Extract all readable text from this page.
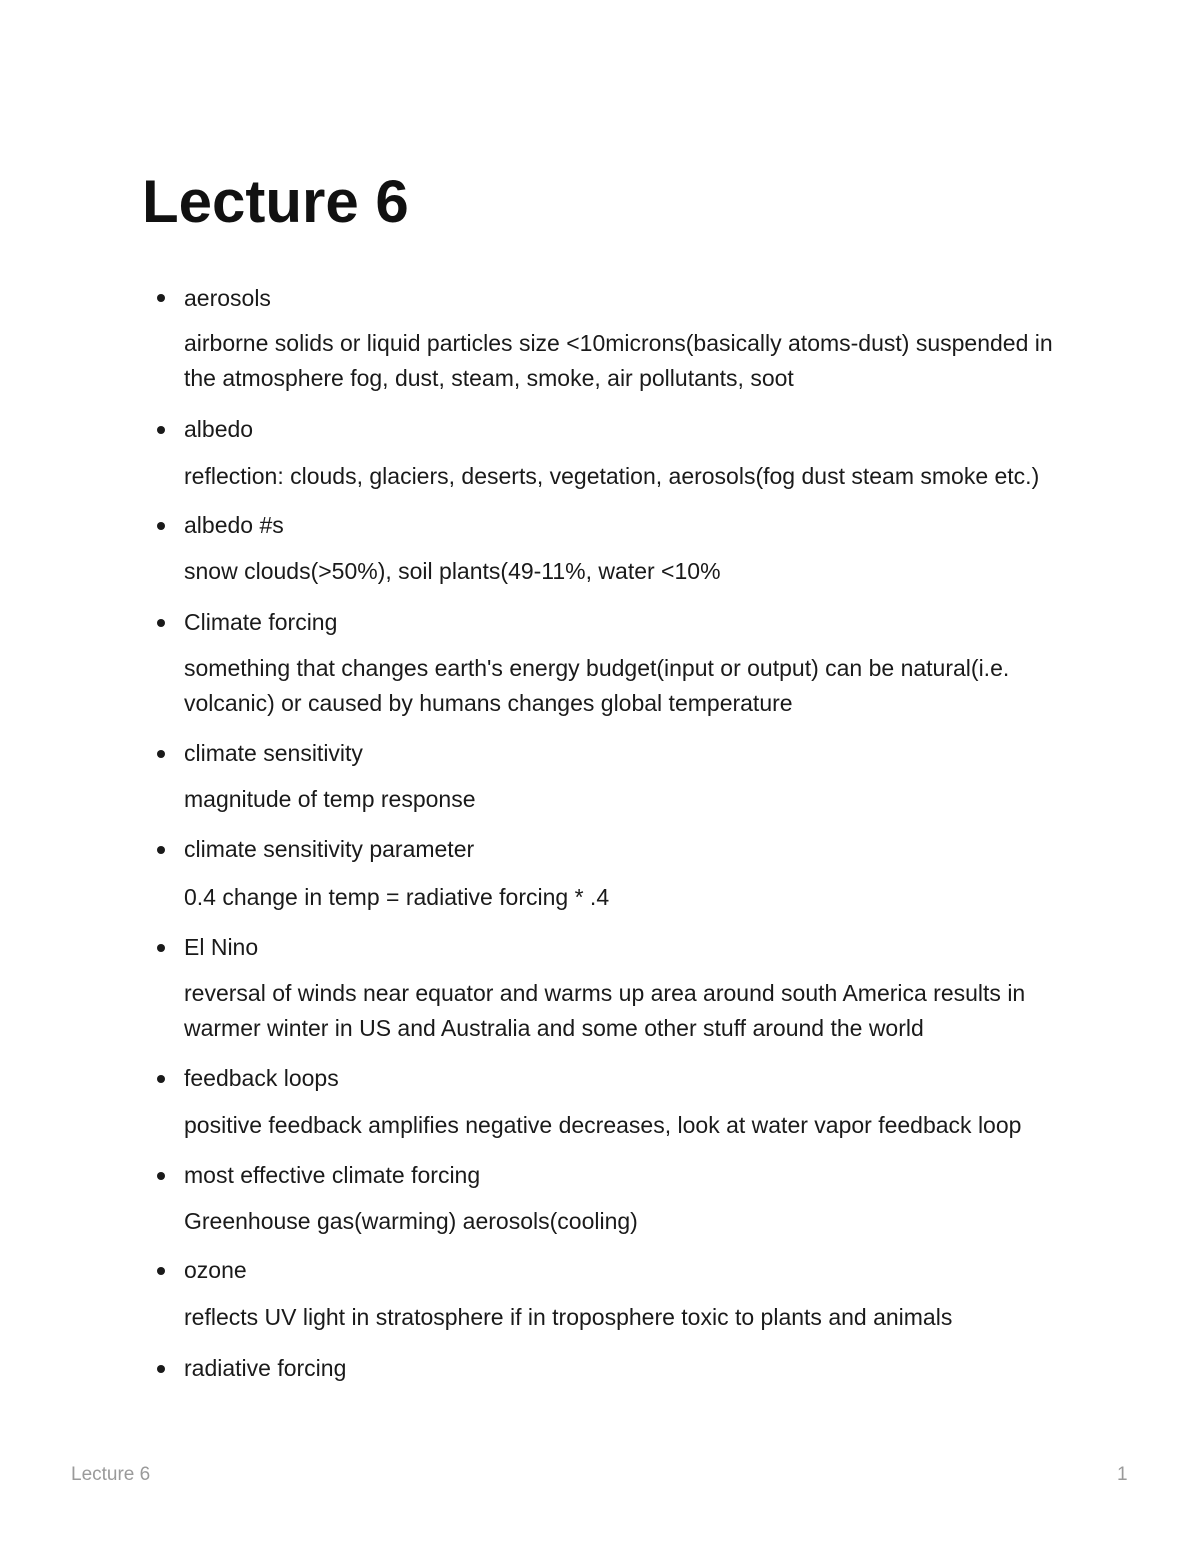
Lecture 6
aerosols
airborne solids or liquid particles size <10microns(basically atoms-dust) suspended in the atmosphere fog, dust, steam, smoke, air pollutants, soot
albedo
reflection: clouds, glaciers, deserts, vegetation, aerosols(fog dust steam smoke etc.)
albedo #s
snow clouds(>50%), soil plants(49-11%, water <10%
Climate forcing
something that changes earth's energy budget(input or output) can be natural(i.e. volcanic) or caused by humans changes global temperature
climate sensitivity
magnitude of temp response
climate sensitivity parameter
0.4 change in temp = radiative forcing * .4
El Nino
reversal of winds near equator and warms up area around south America results in warmer winter in US and Australia and some other stuff around the world
feedback loops
positive feedback amplifies negative decreases, look at water vapor feedback loop
most effective climate forcing
Greenhouse gas(warming) aerosols(cooling)
ozone
reflects UV light in stratosphere if in troposphere toxic to plants and animals
radiative forcing
Lecture 6	1
